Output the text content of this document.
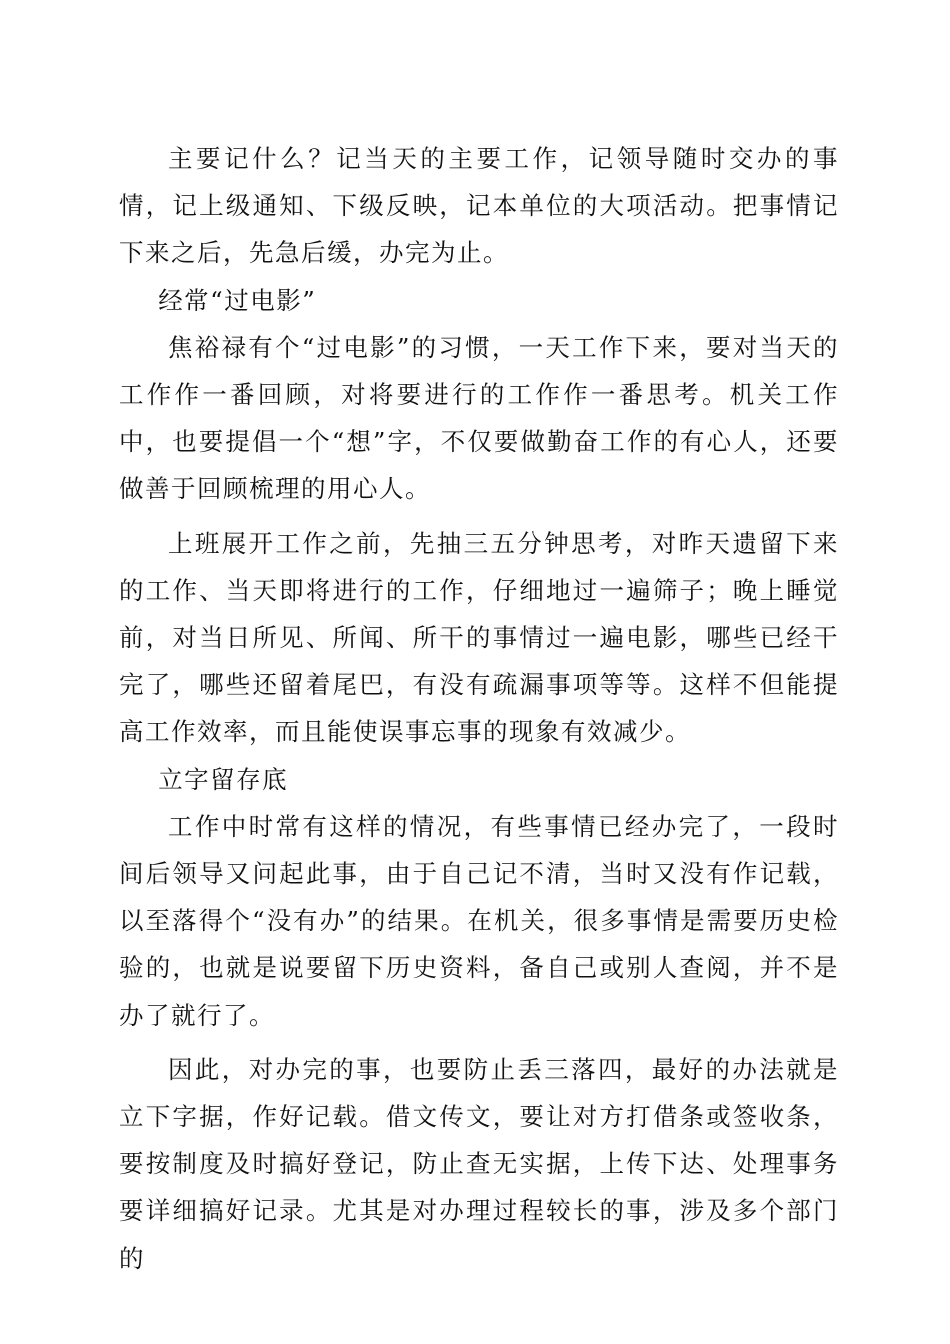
主要记什么？记当天的主要工作，记领导随时交办的事情，记上级通知、下级反映，记本单位的大项活动。把事情记下来之后，先急后缓，办完为止。

经常“过电影”

焦裕禄有个“过电影”的习惯，一天工作下来，要对当天的工作作一番回顾，对将要进行的工作作一番思考。机关工作中，也要提倡一个“想”字，不仅要做勤奋工作的有心人，还要做善于回顾梳理的用心人。

上班展开工作之前，先抽三五分钟思考，对昨天遗留下来的工作、当天即将进行的工作，仔细地过一遍筛子；晚上睡觉前，对当日所见、所闻、所干的事情过一遍电影，哪些已经干完了，哪些还留着尾巴，有没有疏漏事项等等。这样不但能提高工作效率，而且能使误事忘事的现象有效减少。

立字留存底

工作中时常有这样的情况，有些事情已经办完了，一段时间后领导又问起此事，由于自己记不清，当时又没有作记载，以至落得个“没有办”的结果。在机关，很多事情是需要历史检验的，也就是说要留下历史资料，备自己或别人查阅，并不是办了就行了。

因此，对办完的事，也要防止丢三落四，最好的办法就是立下字据，作好记载。借文传文，要让对方打借条或签收条，要按制度及时搞好登记，防止查无实据，上传下达、处理事务要详细搞好记录。尤其是对办理过程较长的事，涉及多个部门的
